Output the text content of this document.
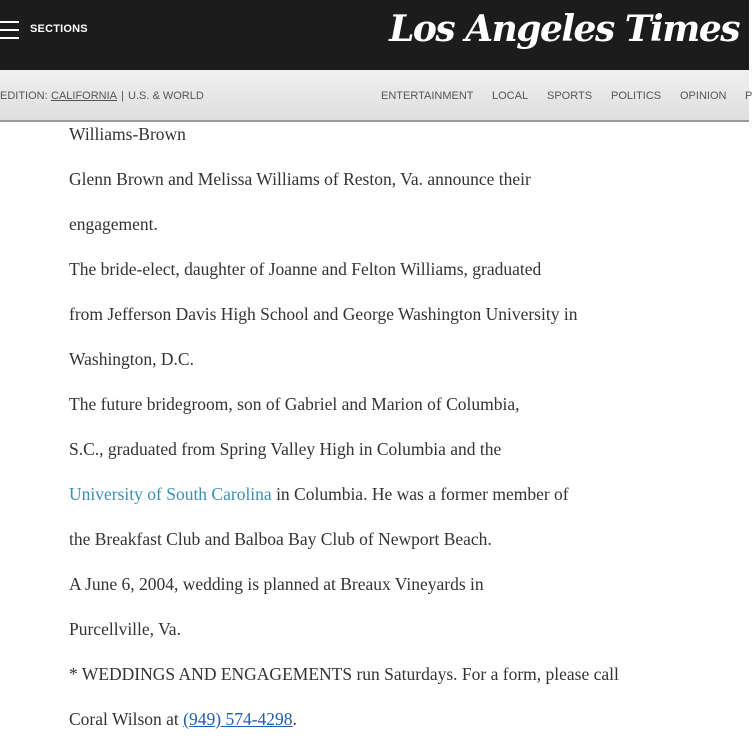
SECTIONS	Los Angeles Times
EDITION: CALIFORNIA | U.S. & WORLD	ENTERTAINMENT LOCAL SPORTS POLITICS OPINION P
Williams-Brown
Glenn Brown and Melissa Williams of Reston, Va. announce their
engagement.
The bride-elect, daughter of Joanne and Felton Williams, graduated
from Jefferson Davis High School and George Washington University in
Washington, D.C.
The future bridegroom, son of Gabriel and Marion of Columbia,
S.C., graduated from Spring Valley High in Columbia and the
University of South Carolina in Columbia. He was a former member of
the Breakfast Club and Balboa Bay Club of Newport Beach.
A June 6, 2004, wedding is planned at Breaux Vineyards in
Purcellville, Va.
* WEDDINGS AND ENGAGEMENTS run Saturdays. For a form, please call
Coral Wilson at (949) 574-4298.
